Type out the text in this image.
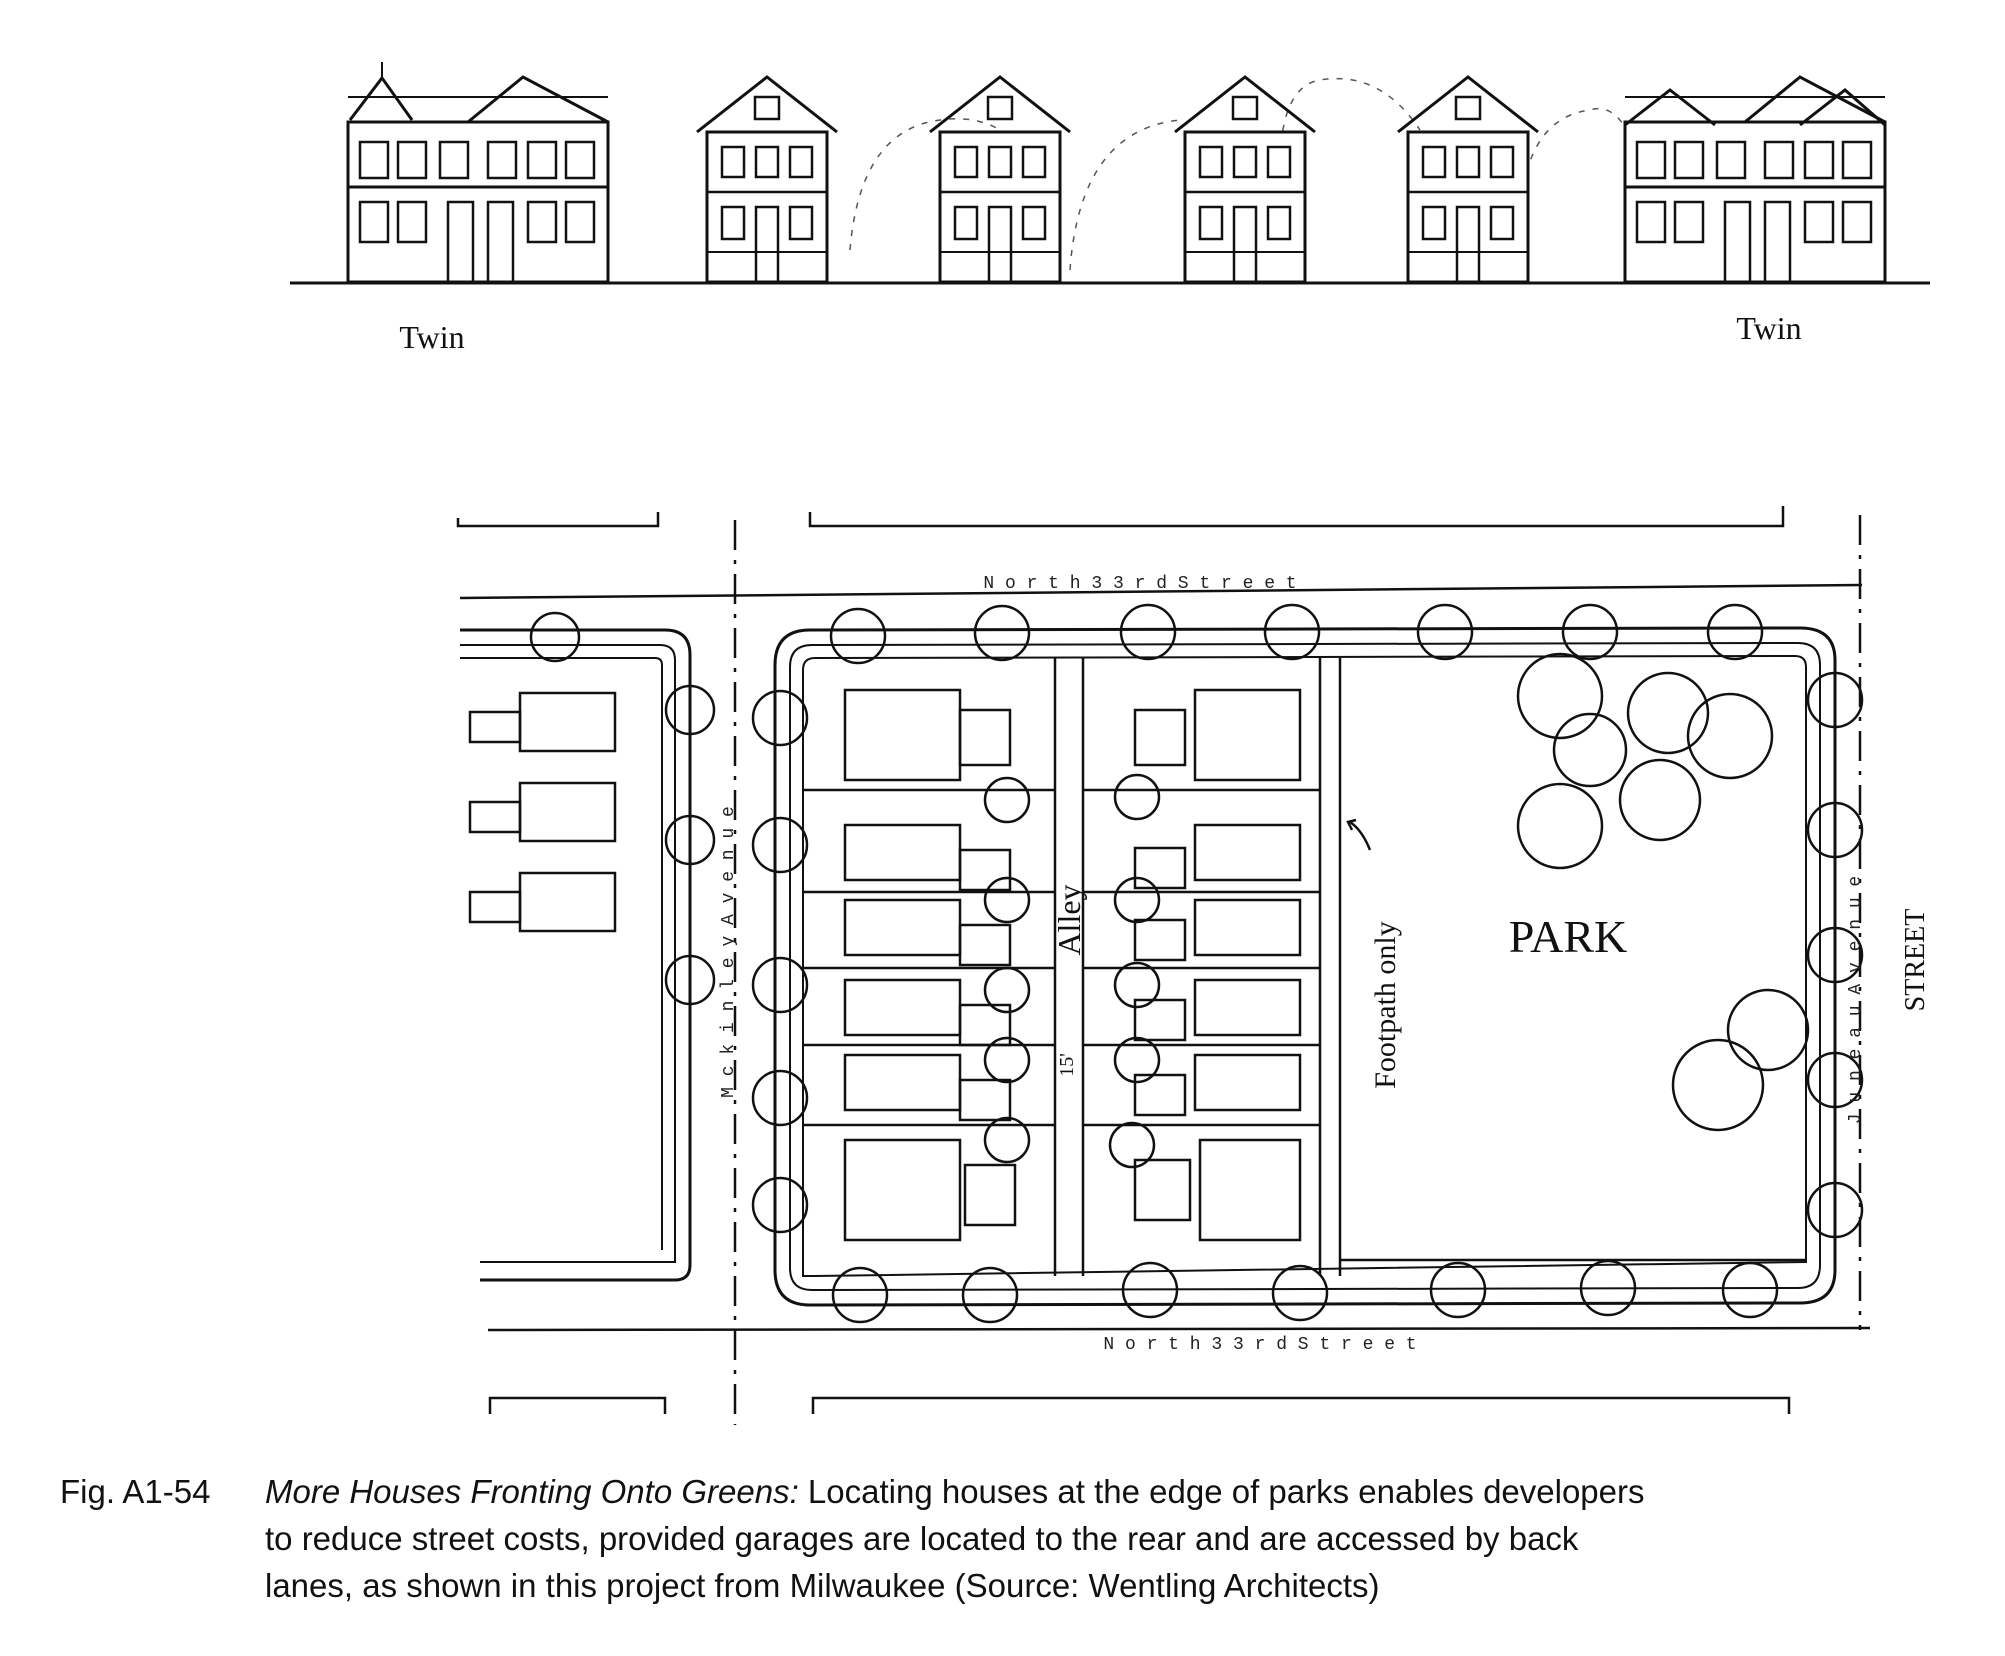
Twin	Twin
N o r t h 3 3 r d S t r e e t
N o r t h 3 3 r d S t r e e t
M c k i n l e y A v e n u e	J u n e a u A v e n u e STREET
Alley
15'	Footpath only PARK
Fig. A1-54 More Houses Fronting Onto Greens: Locating houses at the edge of parks enables developers
to reduce street costs, provided garages are located to the rear and are accessed by back
lanes, as shown in this project from Milwaukee (Source: Wentling Architects)
